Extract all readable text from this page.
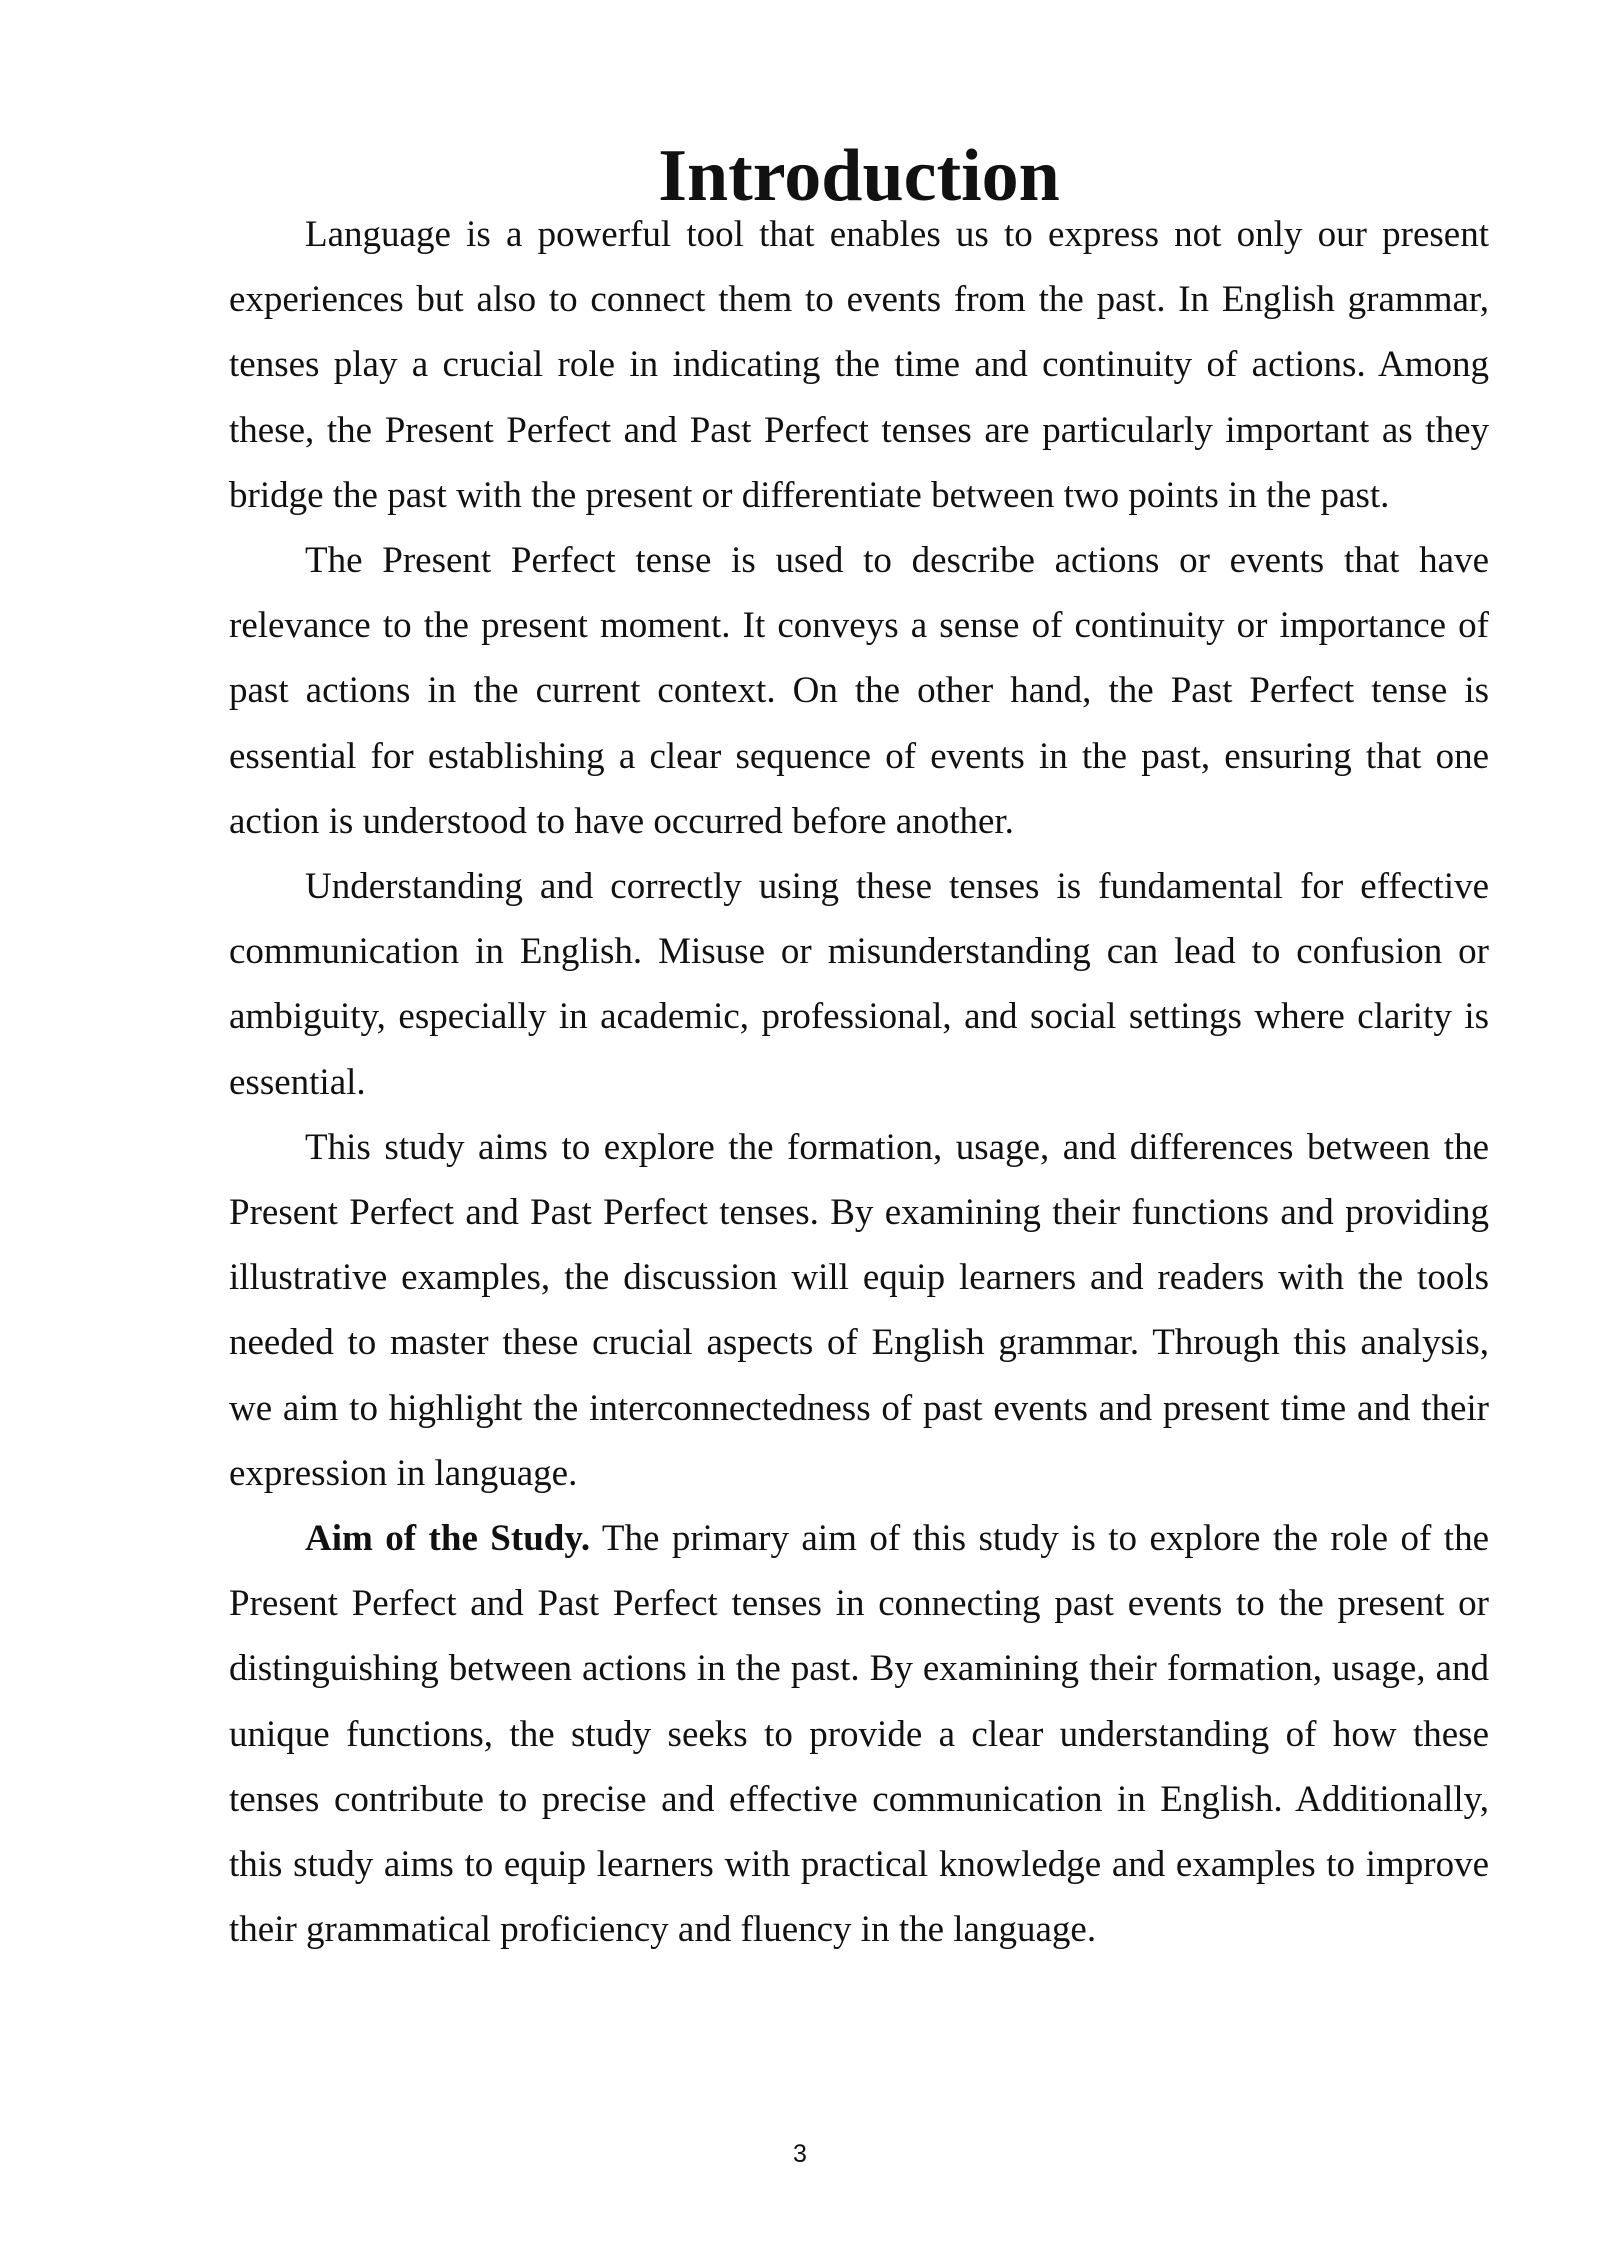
Introduction

Language is a powerful tool that enables us to express not only our present experiences but also to connect them to events from the past. In English grammar, tenses play a crucial role in indicating the time and continuity of actions. Among these, the Present Perfect and Past Perfect tenses are particularly important as they bridge the past with the present or differentiate between two points in the past.

The Present Perfect tense is used to describe actions or events that have relevance to the present moment. It conveys a sense of continuity or importance of past actions in the current context. On the other hand, the Past Perfect tense is essential for establishing a clear sequence of events in the past, ensuring that one action is understood to have occurred before another.

Understanding and correctly using these tenses is fundamental for effective communication in English. Misuse or misunderstanding can lead to confusion or ambiguity, especially in academic, professional, and social settings where clarity is essential.

This study aims to explore the formation, usage, and differences between the Present Perfect and Past Perfect tenses. By examining their functions and providing illustrative examples, the discussion will equip learners and readers with the tools needed to master these crucial aspects of English grammar. Through this analysis, we aim to highlight the interconnectedness of past events and present time and their expression in language.

Aim of the Study. The primary aim of this study is to explore the role of the Present Perfect and Past Perfect tenses in connecting past events to the present or distinguishing between actions in the past. By examining their formation, usage, and unique functions, the study seeks to provide a clear understanding of how these tenses contribute to precise and effective communication in English. Additionally, this study aims to equip learners with practical knowledge and examples to improve their grammatical proficiency and fluency in the language.

3
